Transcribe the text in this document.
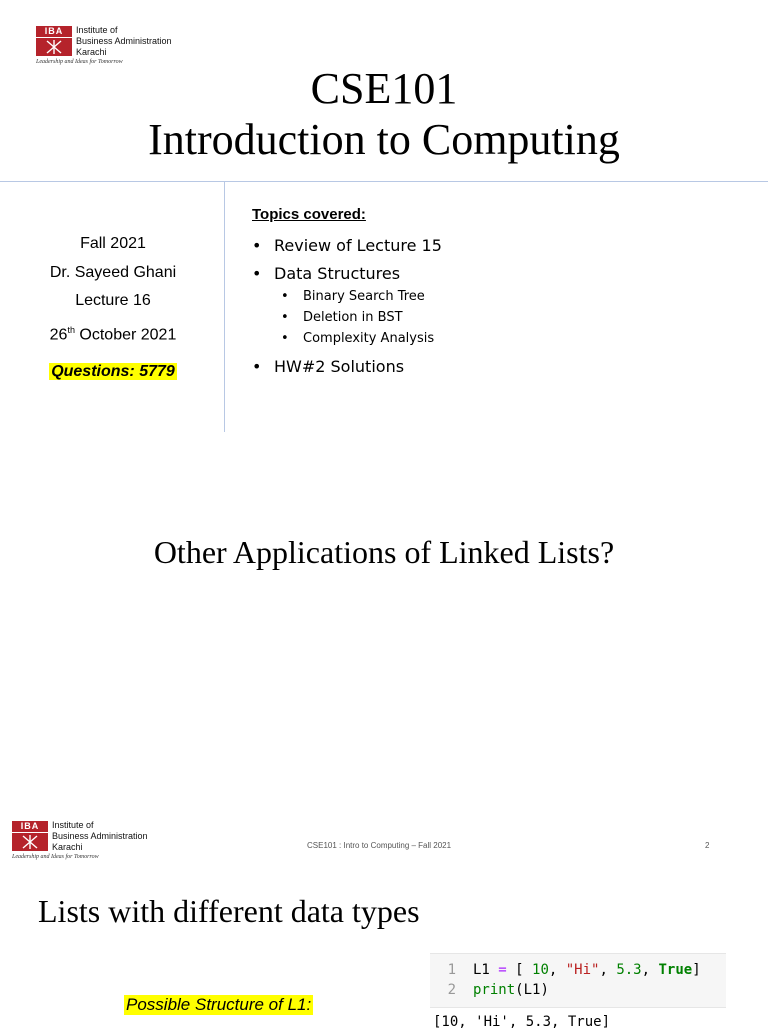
IBA	Institute of
Business Administration
Karachi
Leadership and Ideas for Tomorrow
CSE101
Introduction to Computing
Fall 2021
Dr. Sayeed Ghani
Lecture 16
26th October 2021
Questions: 5779
Topics covered:
• Review of Lecture 15
• Data Structures
• Binary Search Tree
• Deletion in BST
• Complexity Analysis
• HW#2 Solutions
Other Applications of Linked Lists?
IBA	Institute of
Business Administration
Karachi
Leadership and Ideas for Tomorrow
CSE101 : Intro to Computing – Fall 2021	2
Lists with different data types
1
2
L1 = [ 10, "Hi", 5.3, True]
print(L1)
[10, 'Hi', 5.3, True]
Possible Structure of L1:
